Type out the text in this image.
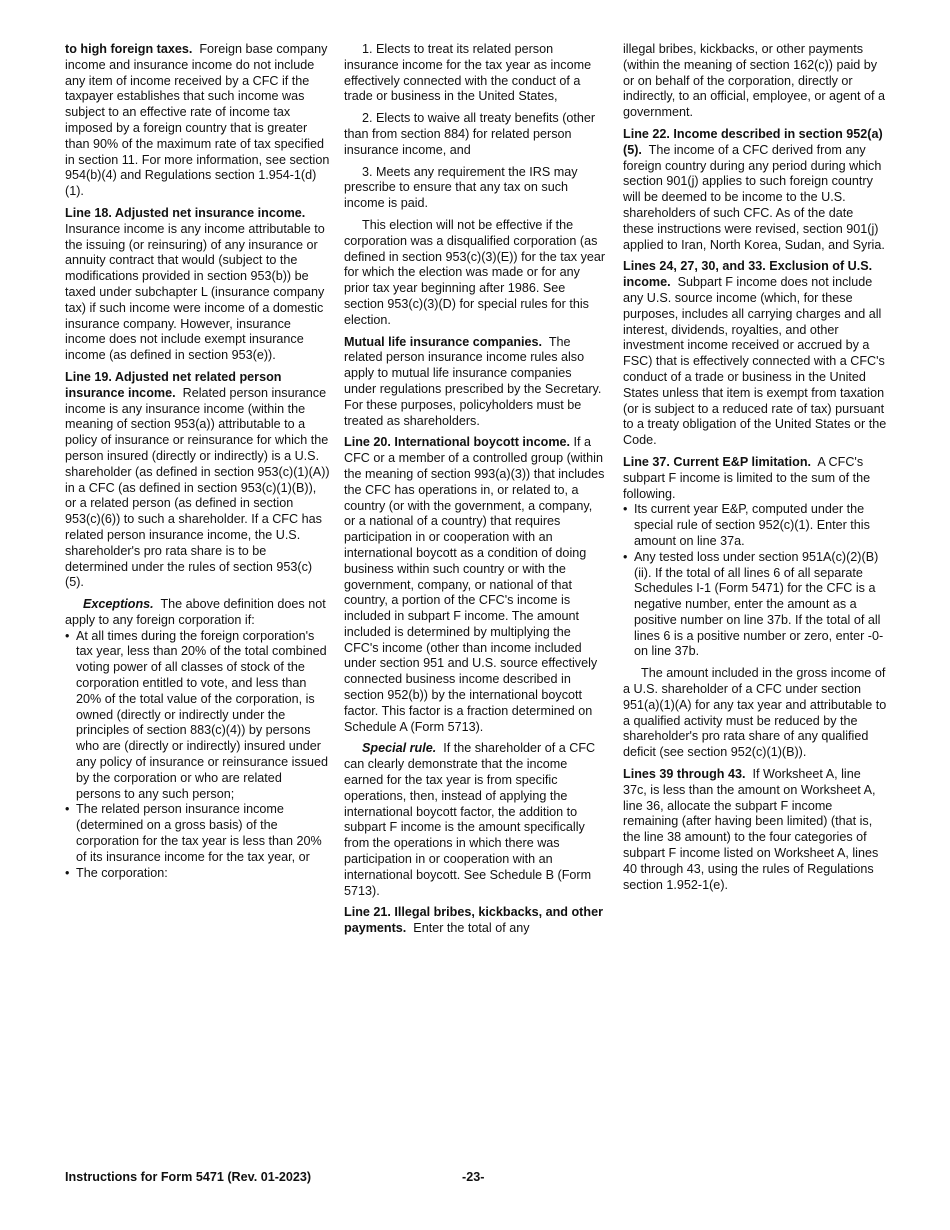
to high foreign taxes. Foreign base company income and insurance income do not include any item of income received by a CFC if the taxpayer establishes that such income was subject to an effective rate of income tax imposed by a foreign country that is greater than 90% of the maximum rate of tax specified in section 11. For more information, see section 954(b)(4) and Regulations section 1.954-1(d)(1).

Line 18. Adjusted net insurance income.  Insurance income is any income attributable to the issuing (or reinsuring) of any insurance or annuity contract that would (subject to the modifications provided in section 953(b)) be taxed under subchapter L (insurance company tax) if such income were income of a domestic insurance company. However, insurance income does not include exempt insurance income (as defined in section 953(e)).

Line 19. Adjusted net related person insurance income. Related person insurance income is any insurance income (within the meaning of section 953(a)) attributable to a policy of insurance or reinsurance for which the person insured (directly or indirectly) is a U.S. shareholder (as defined in section 953(c)(1)(A)) in a CFC (as defined in section 953(c)(1)(B)), or a related person (as defined in section 953(c)(6)) to such a shareholder. If a CFC has related person insurance income, the U.S. shareholder's pro rata share is to be determined under the rules of section 953(c)(5).

Exceptions. The above definition does not apply to any foreign corporation if:

• At all times during the foreign corporation's tax year, less than 20% of the total combined voting power of all classes of stock of the corporation entitled to vote, and less than 20% of the total value of the corporation, is owned (directly or indirectly under the principles of section 883(c)(4)) by persons who are (directly or indirectly) insured under any policy of insurance or reinsurance issued by the corporation or who are related persons to any such person;

• The related person insurance income (determined on a gross basis) of the corporation for the tax year is less than 20% of its insurance income for the tax year, or

• The corporation:

1. Elects to treat its related person insurance income for the tax year as income effectively connected with the conduct of a trade or business in the United States,

2. Elects to waive all treaty benefits (other than from section 884) for related person insurance income, and

3. Meets any requirement the IRS may prescribe to ensure that any tax on such income is paid.

This election will not be effective if the corporation was a disqualified corporation (as defined in section 953(c)(3)(E)) for the tax year for which the election was made or for any prior tax year beginning after 1986. See section 953(c)(3)(D) for special rules for this election.

Mutual life insurance companies. The related person insurance income rules also apply to mutual life insurance companies under regulations prescribed by the Secretary. For these purposes, policyholders must be treated as shareholders.

Line 20. International boycott income. If a CFC or a member of a controlled group (within the meaning of section 993(a)(3)) that includes the CFC has operations in, or related to, a country (or with the government, a company, or a national of a country) that requires participation in or cooperation with an international boycott as a condition of doing business within such country or with the government, company, or national of that country, a portion of the CFC's income is included in subpart F income. The amount included is determined by multiplying the CFC's income (other than income included under section 951 and U.S. source effectively connected business income described in section 952(b)) by the international boycott factor. This factor is a fraction determined on Schedule A (Form 5713).

Special rule. If the shareholder of a CFC can clearly demonstrate that the income earned for the tax year is from specific operations, then, instead of applying the international boycott factor, the addition to subpart F income is the amount specifically from the operations in which there was participation in or cooperation with an international boycott. See Schedule B (Form 5713).

Line 21. Illegal bribes, kickbacks, and other payments. Enter the total of any

illegal bribes, kickbacks, or other payments (within the meaning of section 162(c)) paid by or on behalf of the corporation, directly or indirectly, to an official, employee, or agent of a government.

Line 22. Income described in section 952(a)(5). The income of a CFC derived from any foreign country during any period during which section 901(j) applies to such foreign country will be deemed to be income to the U.S. shareholders of such CFC. As of the date these instructions were revised, section 901(j) applied to Iran, North Korea, Sudan, and Syria.

Lines 24, 27, 30, and 33. Exclusion of U.S. income. Subpart F income does not include any U.S. source income (which, for these purposes, includes all carrying charges and all interest, dividends, royalties, and other investment income received or accrued by a FSC) that is effectively connected with a CFC's conduct of a trade or business in the United States unless that item is exempt from taxation (or is subject to a reduced rate of tax) pursuant to a treaty obligation of the United States or the Code.

Line 37. Current E&P limitation. A CFC's subpart F income is limited to the sum of the following.

• Its current year E&P, computed under the special rule of section 952(c)(1). Enter this amount on line 37a.

• Any tested loss under section 951A(c)(2)(B)(ii). If the total of all lines 6 of all separate Schedules I-1 (Form 5471) for the CFC is a negative number, enter the amount as a positive number on line 37b. If the total of all lines 6 is a positive number or zero, enter -0- on line 37b.

The amount included in the gross income of a U.S. shareholder of a CFC under section 951(a)(1)(A) for any tax year and attributable to a qualified activity must be reduced by the shareholder's pro rata share of any qualified deficit (see section 952(c)(1)(B)).

Lines 39 through 43. If Worksheet A, line 37c, is less than the amount on Worksheet A, line 36, allocate the subpart F income remaining (after having been limited) (that is, the line 38 amount) to the four categories of subpart F income listed on Worksheet A, lines 40 through 43, using the rules of Regulations section 1.952-1(e).

Instructions for Form 5471 (Rev. 01-2023)	-23-
